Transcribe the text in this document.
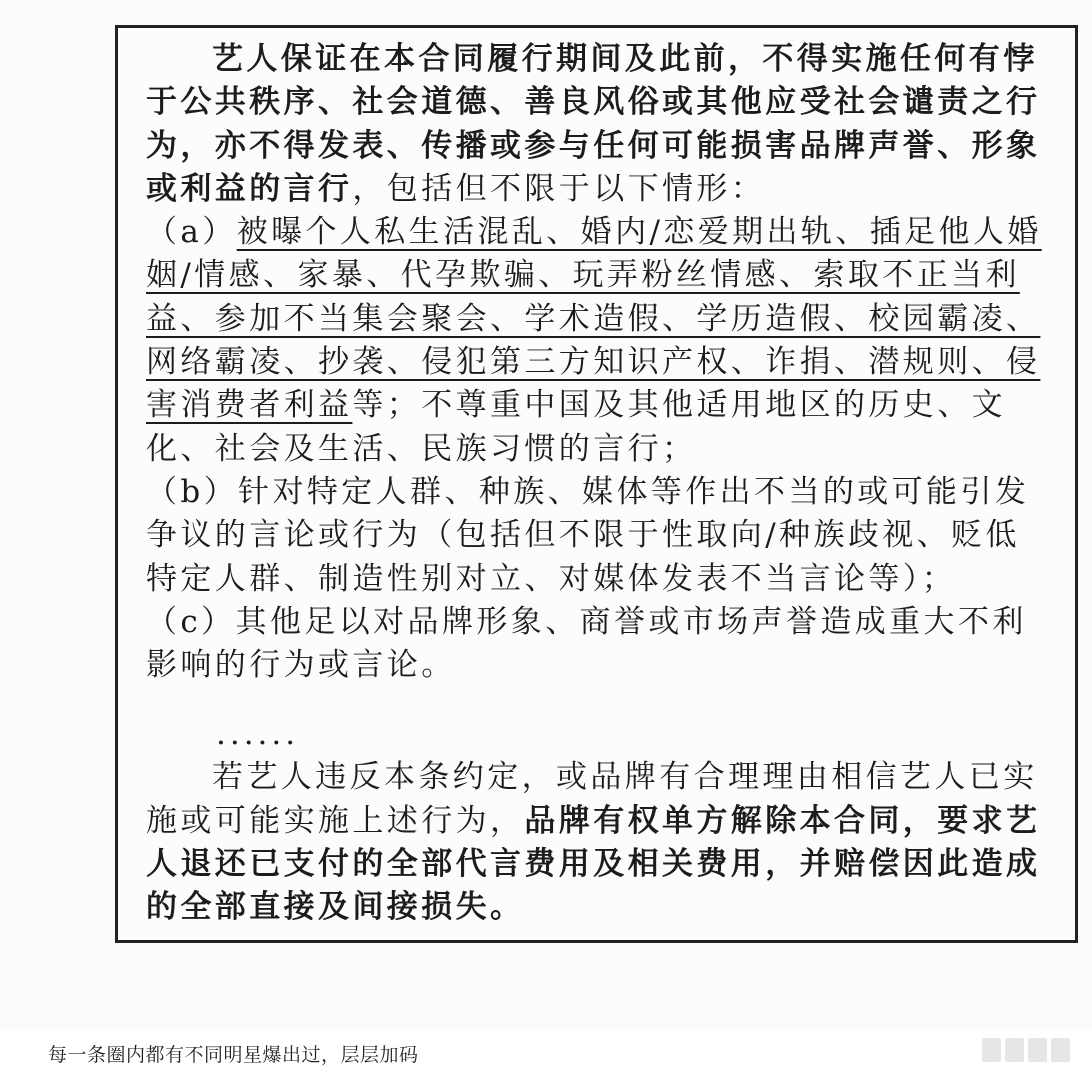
艺人保证在本合同履行期间及此前，不得实施任何有悖于公共秩序、社会道德、善良风俗或其他应受社会谴责之行为，亦不得发表、传播或参与任何可能损害品牌声誉、形象或利益的言行，包括但不限于以下情形：

（a）被曝个人私生活混乱、婚内/恋爱期出轨、插足他人婚姻/情感、家暴、代孕欺骗、玩弄粉丝情感、索取不正当利益、参加不当集会聚会、学术造假、学历造假、校园霸凌、网络霸凌、抄袭、侵犯第三方知识产权、诈捐、潜规则、侵害消费者利益等；不尊重中国及其他适用地区的历史、文化、社会及生活、民族习惯的言行；

（b）针对特定人群、种族、媒体等作出不当的或可能引发争议的言论或行为（包括但不限于性取向/种族歧视、贬低特定人群、制造性别对立、对媒体发表不当言论等）；

（c）其他足以对品牌形象、商誉或市场声誉造成重大不利影响的行为或言论。

......

若艺人违反本条约定，或品牌有合理理由相信艺人已实施或可能实施上述行为，品牌有权单方解除本合同，要求艺人退还已支付的全部代言费用及相关费用，并赔偿因此造成的全部直接及间接损失。

每一条圈内都有不同明星爆出过，层层加码
